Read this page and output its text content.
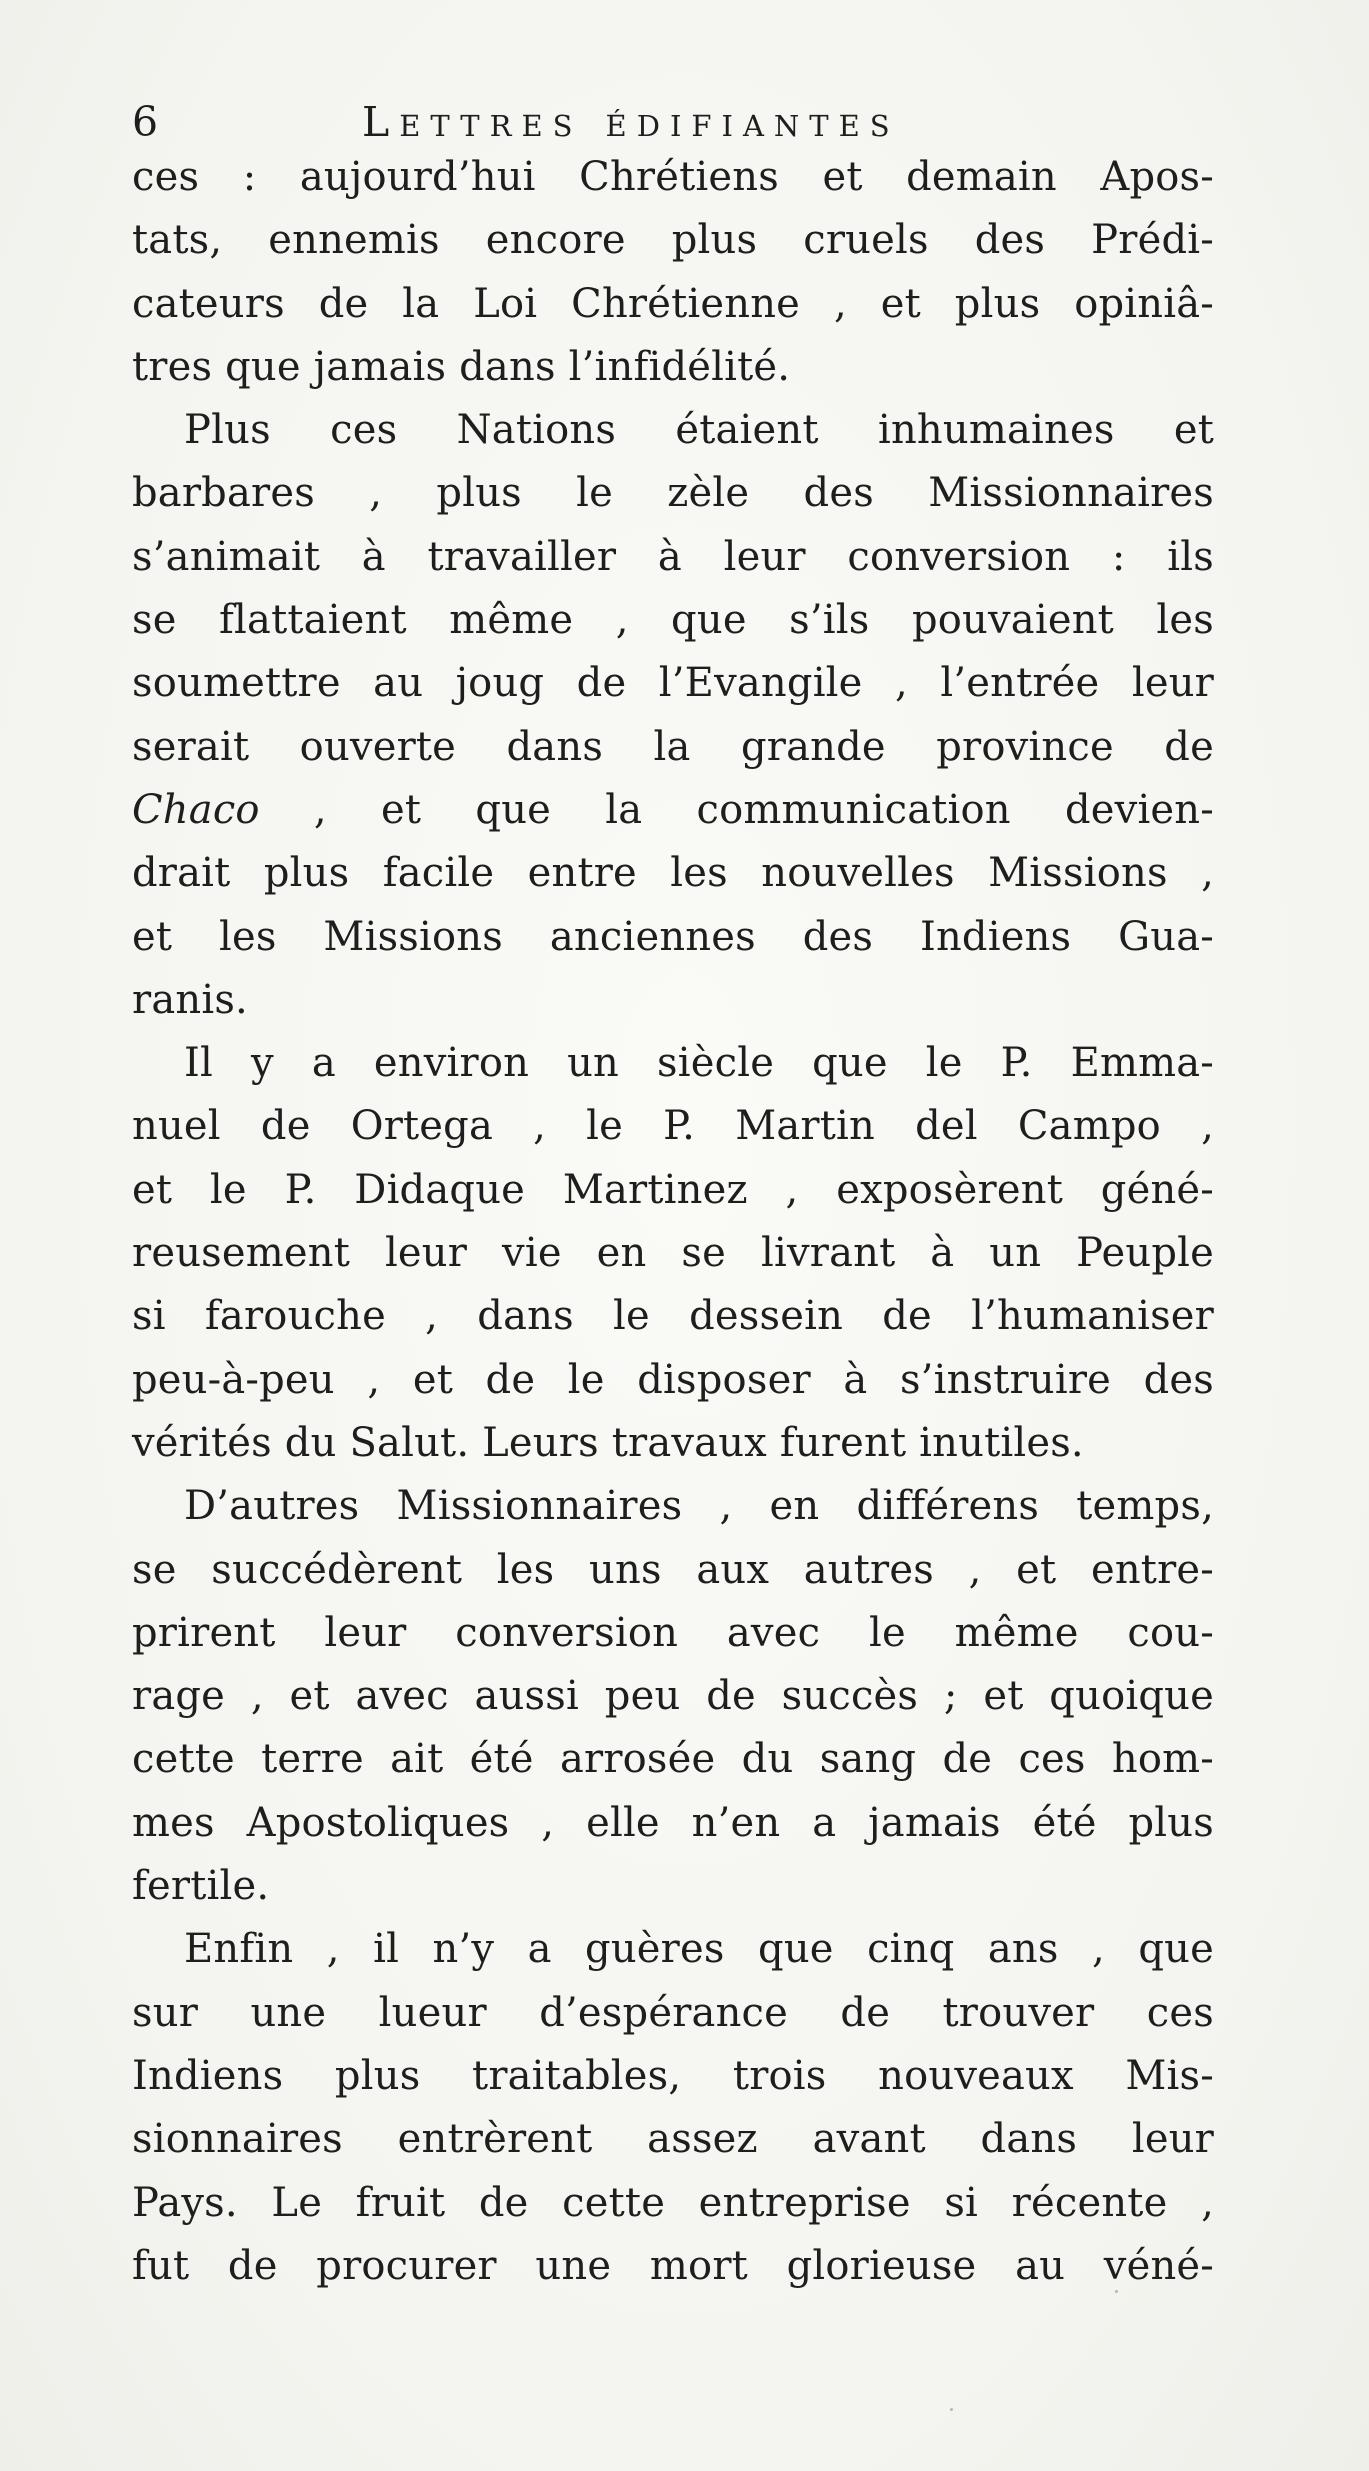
6	Lettres édifiantes
ces : aujourd’hui Chrétiens et demain Apos-
tats, ennemis encore plus cruels des Prédi-
cateurs de la Loi Chrétienne , et plus opiniâ-
tres que jamais dans l’infidélité.
Plus ces Nations étaient inhumaines et
barbares , plus le zèle des Missionnaires
s’animait à travailler à leur conversion : ils
se flattaient même , que s’ils pouvaient les
soumettre au joug de l’Evangile , l’entrée leur
serait ouverte dans la grande province de
Chaco , et que la communication devien-
drait plus facile entre les nouvelles Missions ,
et les Missions anciennes des Indiens Gua-
ranis.
Il y a environ un siècle que le P. Emma-
nuel de Ortega , le P. Martin del Campo ,
et le P. Didaque Martinez , exposèrent géné-
reusement leur vie en se livrant à un Peuple
si farouche , dans le dessein de l’humaniser
peu-à-peu , et de le disposer à s’instruire des
vérités du Salut. Leurs travaux furent inutiles.
D’autres Missionnaires , en différens temps,
se succédèrent les uns aux autres , et entre-
prirent leur conversion avec le même cou-
rage , et avec aussi peu de succès ; et quoique
cette terre ait été arrosée du sang de ces hom-
mes Apostoliques , elle n’en a jamais été plus
fertile.
Enfin , il n’y a guères que cinq ans , que
sur une lueur d’espérance de trouver ces
Indiens plus traitables, trois nouveaux Mis-
sionnaires entrèrent assez avant dans leur
Pays. Le fruit de cette entreprise si récente ,
fut de procurer une mort glorieuse au véné-
